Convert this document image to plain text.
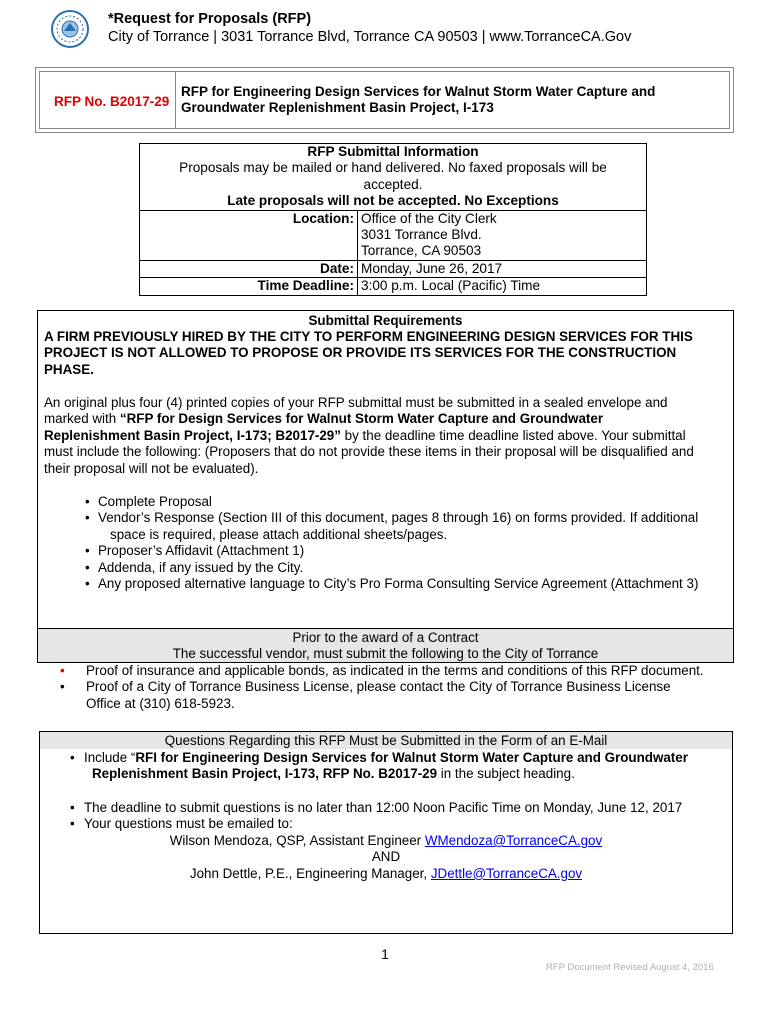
*Request for Proposals (RFP)
City of Torrance | 3031 Torrance Blvd, Torrance CA 90503 | www.TorranceCA.Gov
RFP No. B2017-29
RFP for Engineering Design Services for Walnut Storm Water Capture and
Groundwater Replenishment Basin Project, I-173
RFP Submittal Information
Proposals may be mailed or hand delivered. No faxed proposals will be
accepted.
Late proposals will not be accepted. No Exceptions	

Location:	Office of the City Clerk
3031 Torrance Blvd.
Torrance, CA 90503

Date:	Monday, June 26, 2017
Time Deadline:	3:00 p.m. Local (Pacific) Time
Submittal Requirements
A FIRM PREVIOUSLY HIRED BY THE CITY TO PERFORM ENGINEERING DESIGN SERVICES FOR THIS
PROJECT IS NOT ALLOWED TO PROPOSE OR PROVIDE ITS SERVICES FOR THE CONSTRUCTION
PHASE.
An original plus four (4) printed copies of your RFP submittal must be submitted in a sealed envelope and
marked with “RFP for Design Services for Walnut Storm Water Capture and Groundwater
Replenishment Basin Project, I-173; B2017-29” by the deadline time deadline listed above. Your submittal
must include the following: (Proposers that do not provide these items in their proposal will be disqualified and
their proposal will not be evaluated).
• Complete Proposal
• Vendor’s Response (Section III of this document, pages 8 through 16) on forms provided. If additional
space is required, please attach additional sheets/pages.
• Proposer’s Affidavit (Attachment 1)
• Addenda, if any issued by the City.
• Any proposed alternative language to City’s Pro Forma Consulting Service Agreement (Attachment 3)
Prior to the award of a Contract
The successful vendor, must submit the following to the City of Torrance
• Proof of insurance and applicable bonds, as indicated in the terms and conditions of this RFP document.
• Proof of a City of Torrance Business License, please contact the City of Torrance Business License
Office at (310) 618-5923.
Questions Regarding this RFP Must be Submitted in the Form of an E-Mail
• Include “RFI for Engineering Design Services for Walnut Storm Water Capture and Groundwater
Replenishment Basin Project, I-173, RFP No. B2017-29 in the subject heading.
• The deadline to submit questions is no later than 12:00 Noon Pacific Time on Monday, June 12, 2017
• Your questions must be emailed to:
Wilson Mendoza, QSP, Assistant Engineer WMendoza@TorranceCA.gov
AND
John Dettle, P.E., Engineering Manager, JDettle@TorranceCA.gov
1
RFP Document Revised August 4, 2016
